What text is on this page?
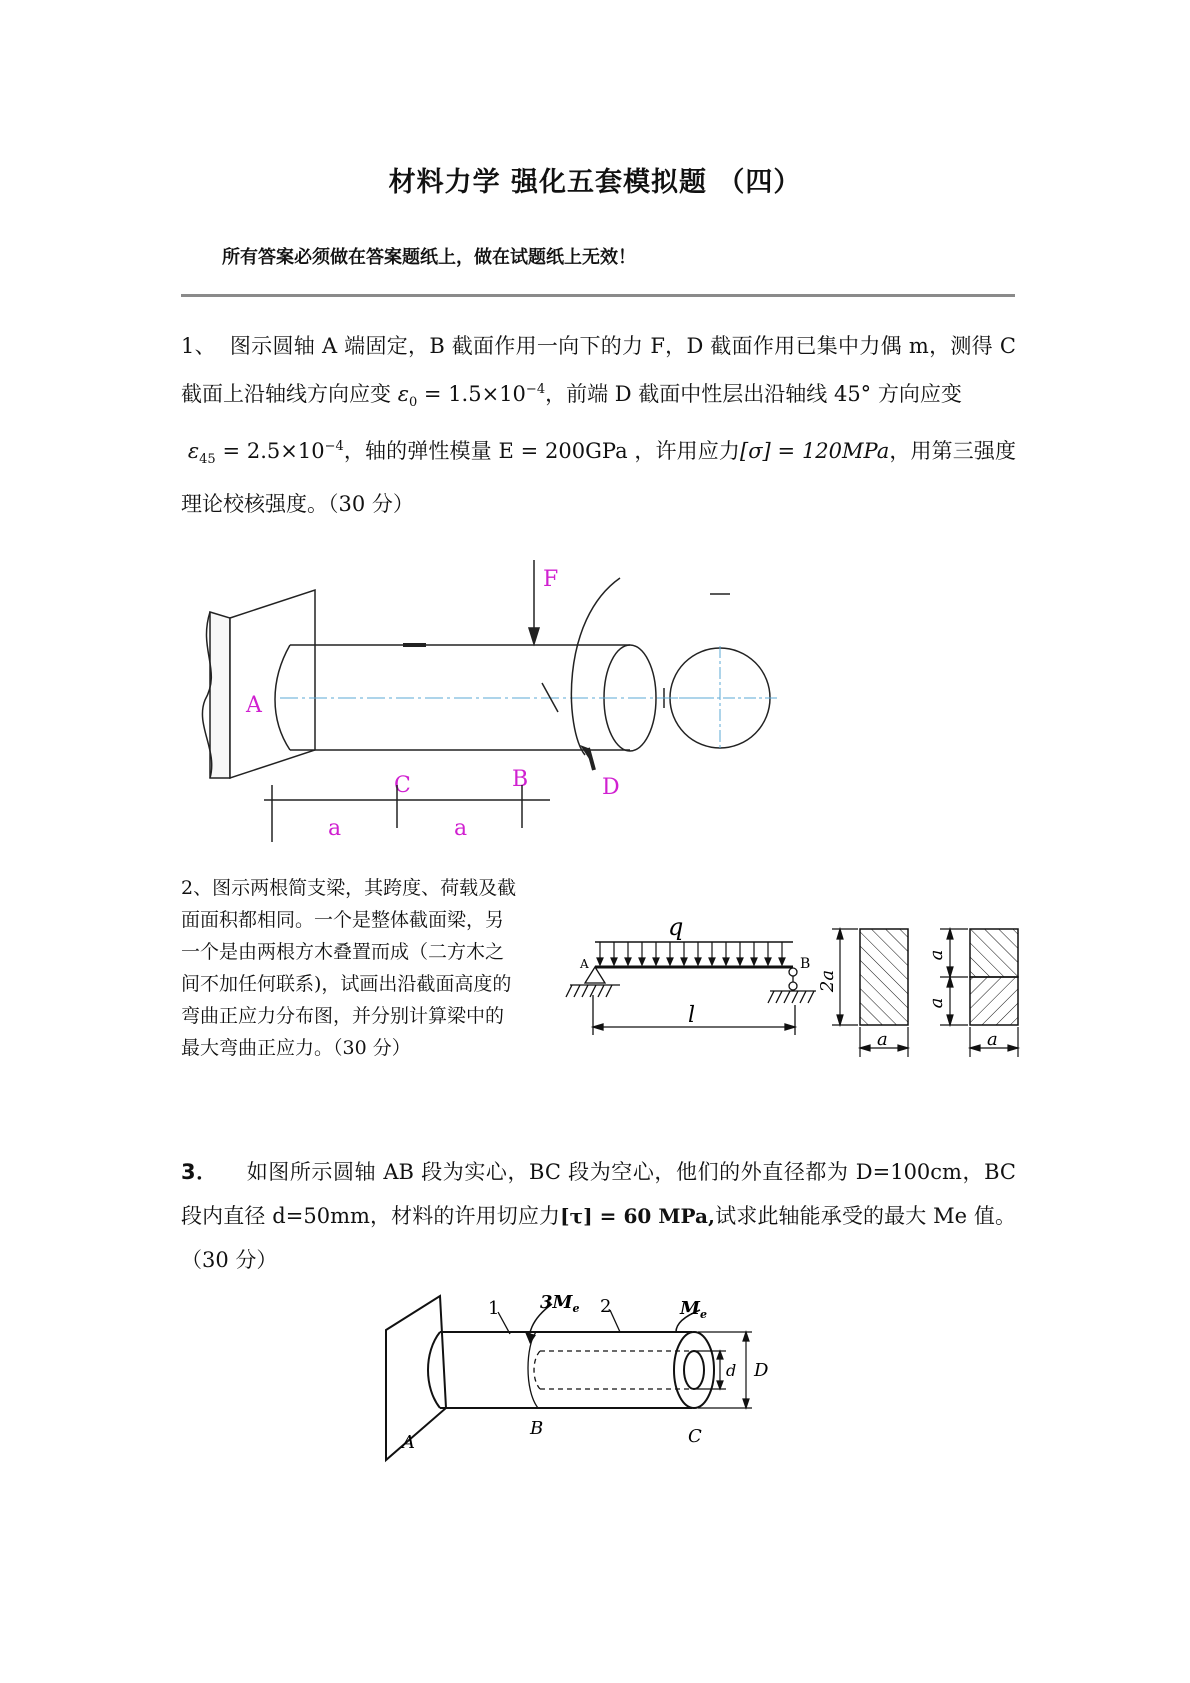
材料力学 强化五套模拟题 （四）
所有答案必须做在答案题纸上，做在试题纸上无效！
1、 图示圆轴 A 端固定，B 截面作用一向下的力 F，D 截面作用已集中力偶 m，测得 C 截面上沿轴线方向应变 $\varepsilon_0 = 1.5\times 10^{-4}$，前端 D 截面中性层出沿轴线 45° 方向应变
$\varepsilon_{45} = 2.5\times 10^{-4}$，轴的弹性模量 E = 200GPa ，许用应力[σ] = 120MPa，用第三强度理论校核强度。（30 分）
F
A
C	B	D
a	a
2、图示两根简支梁，其跨度、荷载及截面面积都相同。一个是整体截面梁，另一个是由两根方木叠置而成（二方木之间不加任何联系)，试画出沿截面高度的弯曲正应力分布图，并分别计算梁中的最大弯曲正应力。（30 分）
q
A	B
l
2a
a
a
a
a
3． 如图所示圆轴 AB 段为实心，BC 段为空心，他们的外直径都为 D=100cm，BC 段内直径 d=50mm，材料的许用切应力[τ] = 60 MPa,试求此轴能承受的最大 Me 值。（30 分）
1	2
$3M_e$	$M_e$
A
B	C
d D
